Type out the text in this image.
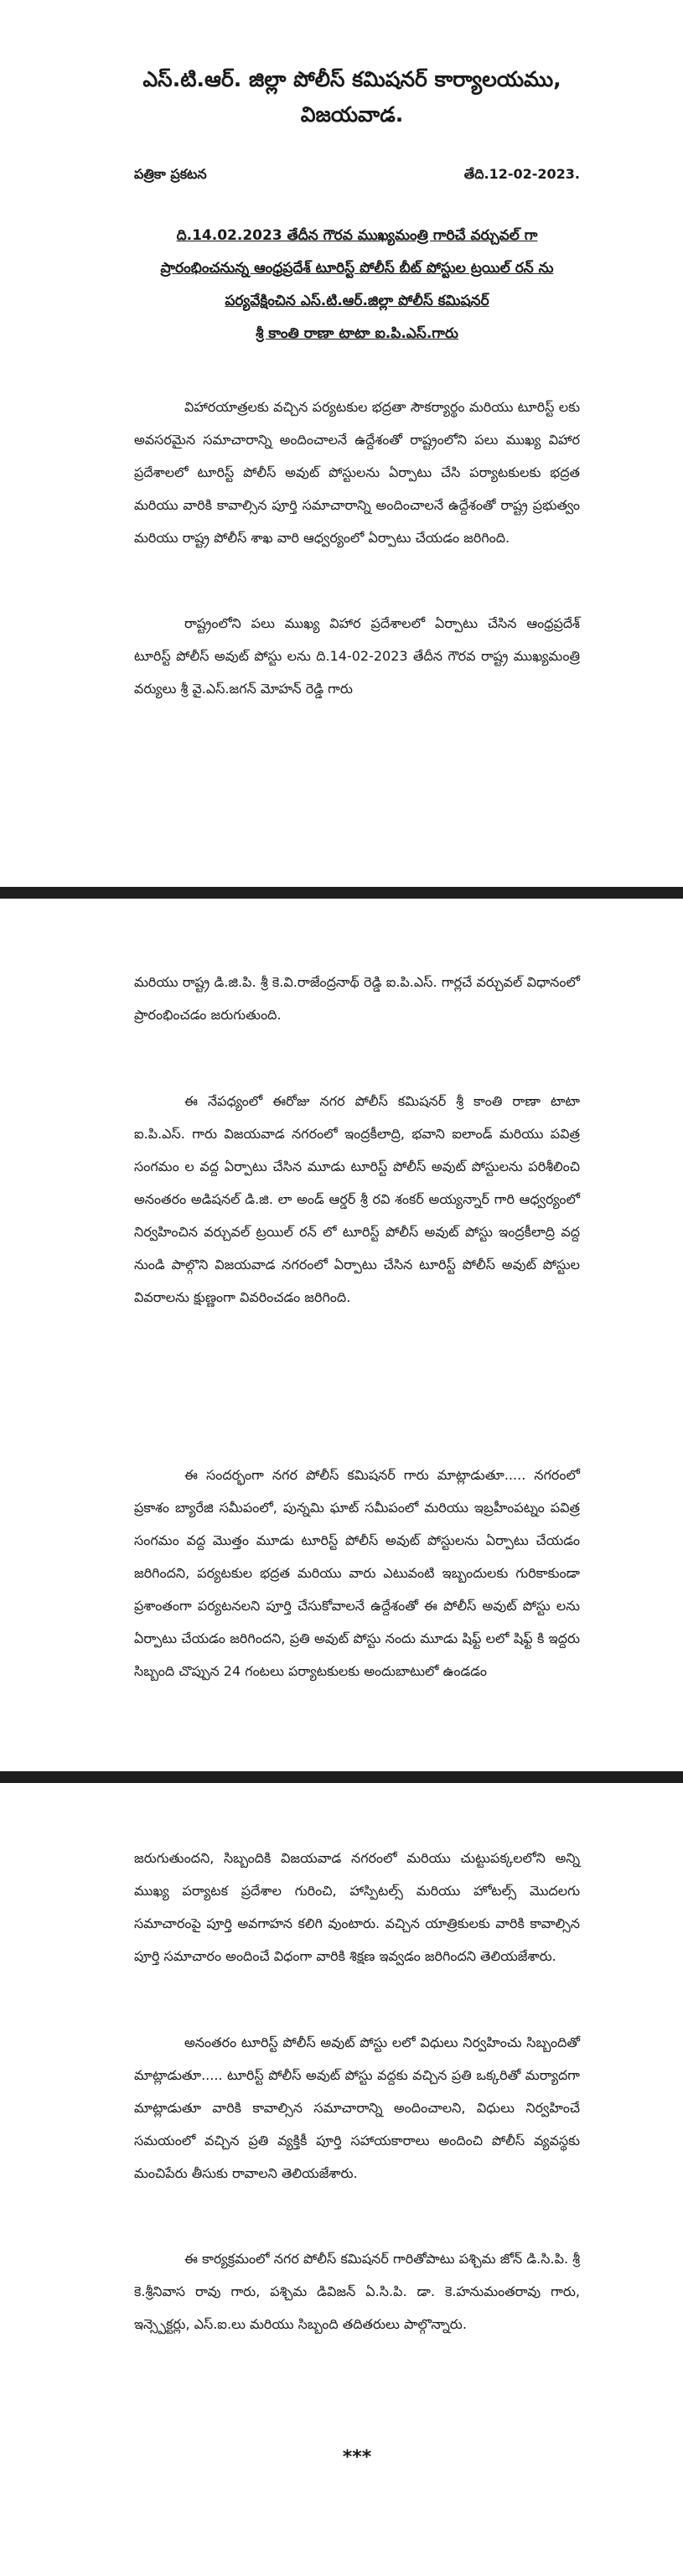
ఎస్.టి.ఆర్. జిల్లా పోలీస్ కమిషనర్ కార్యాలయము,
విజయవాడ.
పత్రికా ప్రకటన	తేది.12-02-2023.
ది.14.02.2023 తేదీన గౌరవ ముఖ్యమంత్రి గారిచే వర్చువల్ గా
ప్రారంభించనున్న ఆంధ్రప్రదేశ్ టూరిస్ట్ పోలీస్ బీట్ పోస్టుల ట్రయిల్ రన్ ను
పర్యవేక్షించిన ఎస్.టి.ఆర్.జిల్లా పోలీస్ కమిషనర్
శ్రీ కాంతి రాణా టాటా ఐ.పి.ఎస్.గారు

విహారయాత్రలకు వచ్చిన పర్యటకుల భద్రతా సౌకర్యార్థం మరియు టూరిస్ట్ లకు అవసరమైన సమాచారాన్ని అందించాలనే ఉద్దేశంతో రాష్ట్రంలోని పలు ముఖ్య విహార ప్రదేశాలలో టూరిస్ట్ పోలీస్ అవుట్ పోస్టులను ఏర్పాటు చేసి పర్యాటకులకు భద్రత మరియు వారికి కావాల్సిన పూర్తి సమాచారాన్ని అందించాలనే ఉద్దేశంతో రాష్ట్ర ప్రభుత్వం మరియు రాష్ట్ర పోలీస్ శాఖ వారి ఆధ్వర్యంలో ఏర్పాటు చేయడం జరిగింది.

రాష్ట్రంలోని పలు ముఖ్య విహార ప్రదేశాలలో ఏర్పాటు చేసిన ఆంధ్రప్రదేశ్ టూరిస్ట్ పోలీస్ అవుట్ పోస్టు లను ది.14-02-2023 తేదీన గౌరవ రాష్ట్ర ముఖ్యమంత్రి వర్యులు శ్రీ వై.ఎస్.జగన్ మోహన్ రెడ్డి గారు

మరియు రాష్ట్ర డి.జి.పి. శ్రీ కె.వి.రాజేంద్రనాథ్ రెడ్డి ఐ.పి.ఎస్. గార్లచే వర్చువల్ విధానంలో ప్రారంభించడం జరుగుతుంది.

ఈ నేపధ్యంలో ఈరోజు నగర పోలీస్ కమిషనర్ శ్రీ కాంతి రాణా టాటా ఐ.పి.ఎస్. గారు విజయవాడ నగరంలో ఇంద్రకీలాద్రి, భవాని ఐలాండ్ మరియు పవిత్ర సంగమం ల వద్ద ఏర్పాటు చేసిన మూడు టూరిస్ట్ పోలీస్ అవుట్ పోస్టులను పరిశీలించి అనంతరం అడిషనల్ డి.జి. లా అండ్ ఆర్డర్ శ్రీ రవి శంకర్ అయ్యన్నార్ గారి ఆధ్వర్యంలో నిర్వహించిన వర్చువల్ ట్రయిల్ రన్ లో టూరిస్ట్ పోలీస్ అవుట్ పోస్టు ఇంద్రకీలాద్రి వద్ద నుండి పాల్గొని విజయవాడ నగరంలో ఏర్పాటు చేసిన టూరిస్ట్ పోలీస్ అవుట్ పోస్టుల వివరాలను క్షుణ్ణంగా వివరించడం జరిగింది.

ఈ సందర్భంగా నగర పోలీస్ కమిషనర్ గారు మాట్లాడుతూ..... నగరంలో ప్రకాశం బ్యారేజి సమీపంలో, పున్నమి ఘాట్ సమీపంలో మరియు ఇబ్రహీంపట్నం పవిత్ర సంగమం వద్ద మొత్తం మూడు టూరిస్ట్ పోలీస్ అవుట్ పోస్టులను ఏర్పాటు చేయడం జరిగిందని, పర్యటకుల భద్రత మరియు వారు ఎటువంటి ఇబ్బందులకు గురికాకుండా ప్రశాంతంగా పర్యటనలని పూర్తి చేసుకోవాలనే ఉద్దేశంతో ఈ పోలీస్ అవుట్ పోస్టు లను ఏర్పాటు చేయడం జరిగిందని, ప్రతి అవుట్ పోస్టు నందు మూడు షిఫ్ట్ లలో షిఫ్ట్ కి ఇద్దరు సిబ్బంది చొప్పున 24 గంటలు పర్యాటకులకు అందుబాటులో ఉండడం

జరుగుతుందని, సిబ్బందికి విజయవాడ నగరంలో మరియు చుట్టుపక్కలలోని అన్ని ముఖ్య పర్యాటక ప్రదేశాల గురించి, హాస్పిటల్స్ మరియు హోటల్స్ మొదలగు సమాచారంపై పూర్తి అవగాహన కలిగి వుంటారు. వచ్చిన యాత్రికులకు వారికి కావాల్సిన పూర్తి సమాచారం అందించే విధంగా వారికి శిక్షణ ఇవ్వడం జరిగిందని తెలియజేశారు.

అనంతరం టూరిస్ట్ పోలీస్ అవుట్ పోస్టు లలో విధులు నిర్వహించు సిబ్బందితో మాట్లాడుతూ..... టూరిస్ట్ పోలీస్ అవుట్ పోస్టు వద్దకు వచ్చిన ప్రతి ఒక్కరితో మర్యాదగా మాట్లాడుతూ వారికి కావాల్సిన సమాచారాన్ని అందించాలని, విధులు నిర్వహించే సమయంలో వచ్చిన ప్రతి వ్యక్తికీ పూర్తి సహాయకారాలు అందించి పోలీస్ వ్యవస్థకు మంచిపేరు తీసుకు రావాలని తెలియజేశారు.

ఈ కార్యక్రమంలో నగర పోలీస్ కమిషనర్ గారితోపాటు పశ్చిమ జోన్ డి.సి.పి. శ్రీ కె.శ్రీనివాస రావు గారు, పశ్చిమ డివిజన్ ఏ.సి.పి. డా. కె.హనుమంతరావు గారు, ఇన్స్పెక్టర్లు, ఎస్.ఐ.లు మరియు సిబ్బంది తదితరులు పాల్గొన్నారు.

***
